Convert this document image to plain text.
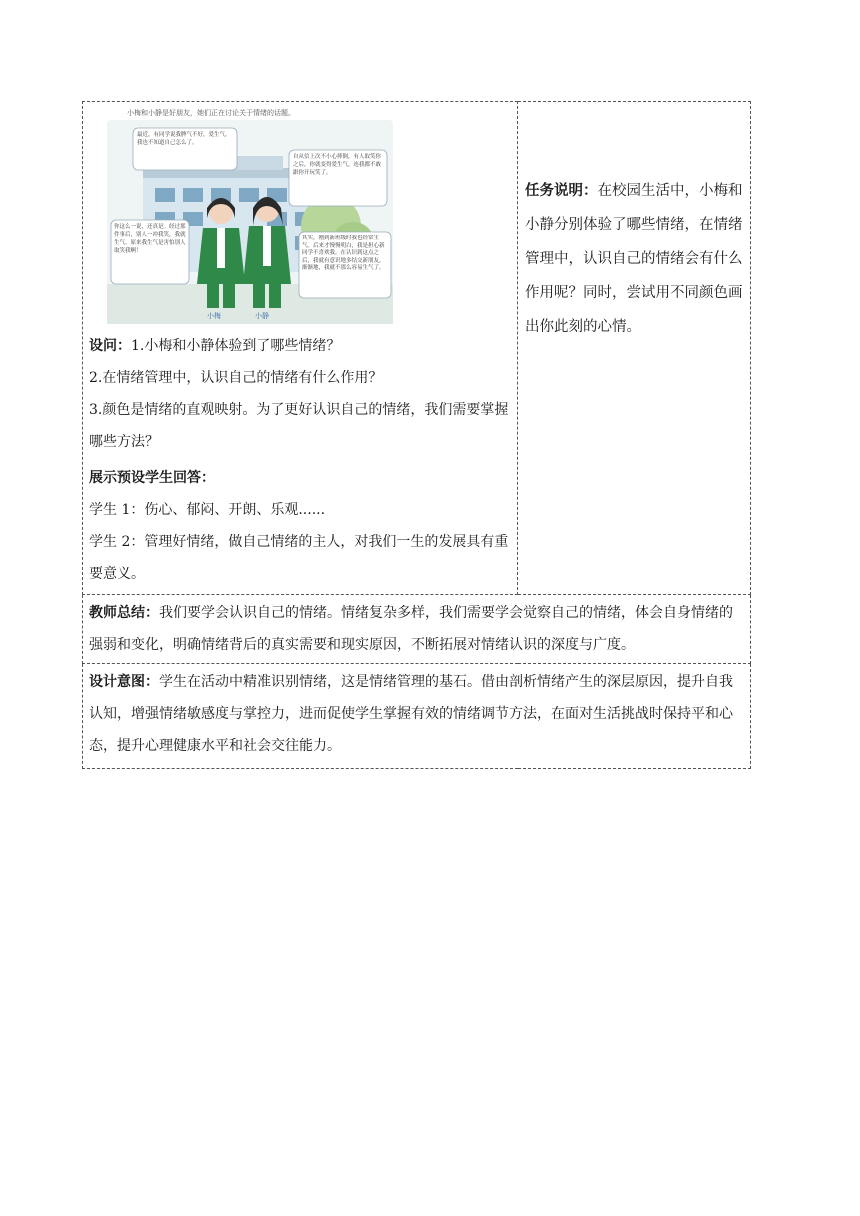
小梅和小静是好朋友，她们正在讨论关于情绪的话题。
最近，有同学说我脾气不好，爱生气。我也不知道自己怎么了。
自从信上次不小心摔倒，有人取笑你之后，你就变得爱生气，连我都不敢跟你开玩笑了。
你这么一说，还真是。经过那件事后，别人一冲我笑，我就生气。原来我生气是害怕别人取笑我啊！
其实，刚到新班级时我也经常生气。后来才慢慢明白，我是担心新同学不喜欢我。在认识到这点之后，我就有意识地多结交新朋友，渐渐地，我就不那么容易生气了。
小梅	小静

设问：1.小梅和小静体验到了哪些情绪？

2.在情绪管理中，认识自己的情绪有什么作用？

3.颜色是情绪的直观映射。为了更好认识自己的情绪，我们需要掌握哪些方法？

展示预设学生回答：

学生 1：伤心、郁闷、开朗、乐观......

学生 2：管理好情绪，做自己情绪的主人，对我们一生的发展具有重要意义。

任务说明：在校园生活中，小梅和小静分别体验了哪些情绪，在情绪管理中，认识自己的情绪会有什么作用呢？同时，尝试用不同颜色画出你此刻的心情。

教师总结：我们要学会认识自己的情绪。情绪复杂多样，我们需要学会觉察自己的情绪，体会自身情绪的强弱和变化，明确情绪背后的真实需要和现实原因，不断拓展对情绪认识的深度与广度。

设计意图：学生在活动中精准识别情绪，这是情绪管理的基石。借由剖析情绪产生的深层原因，提升自我认知，增强情绪敏感度与掌控力，进而促使学生掌握有效的情绪调节方法，在面对生活挑战时保持平和心态，提升心理健康水平和社会交往能力。
